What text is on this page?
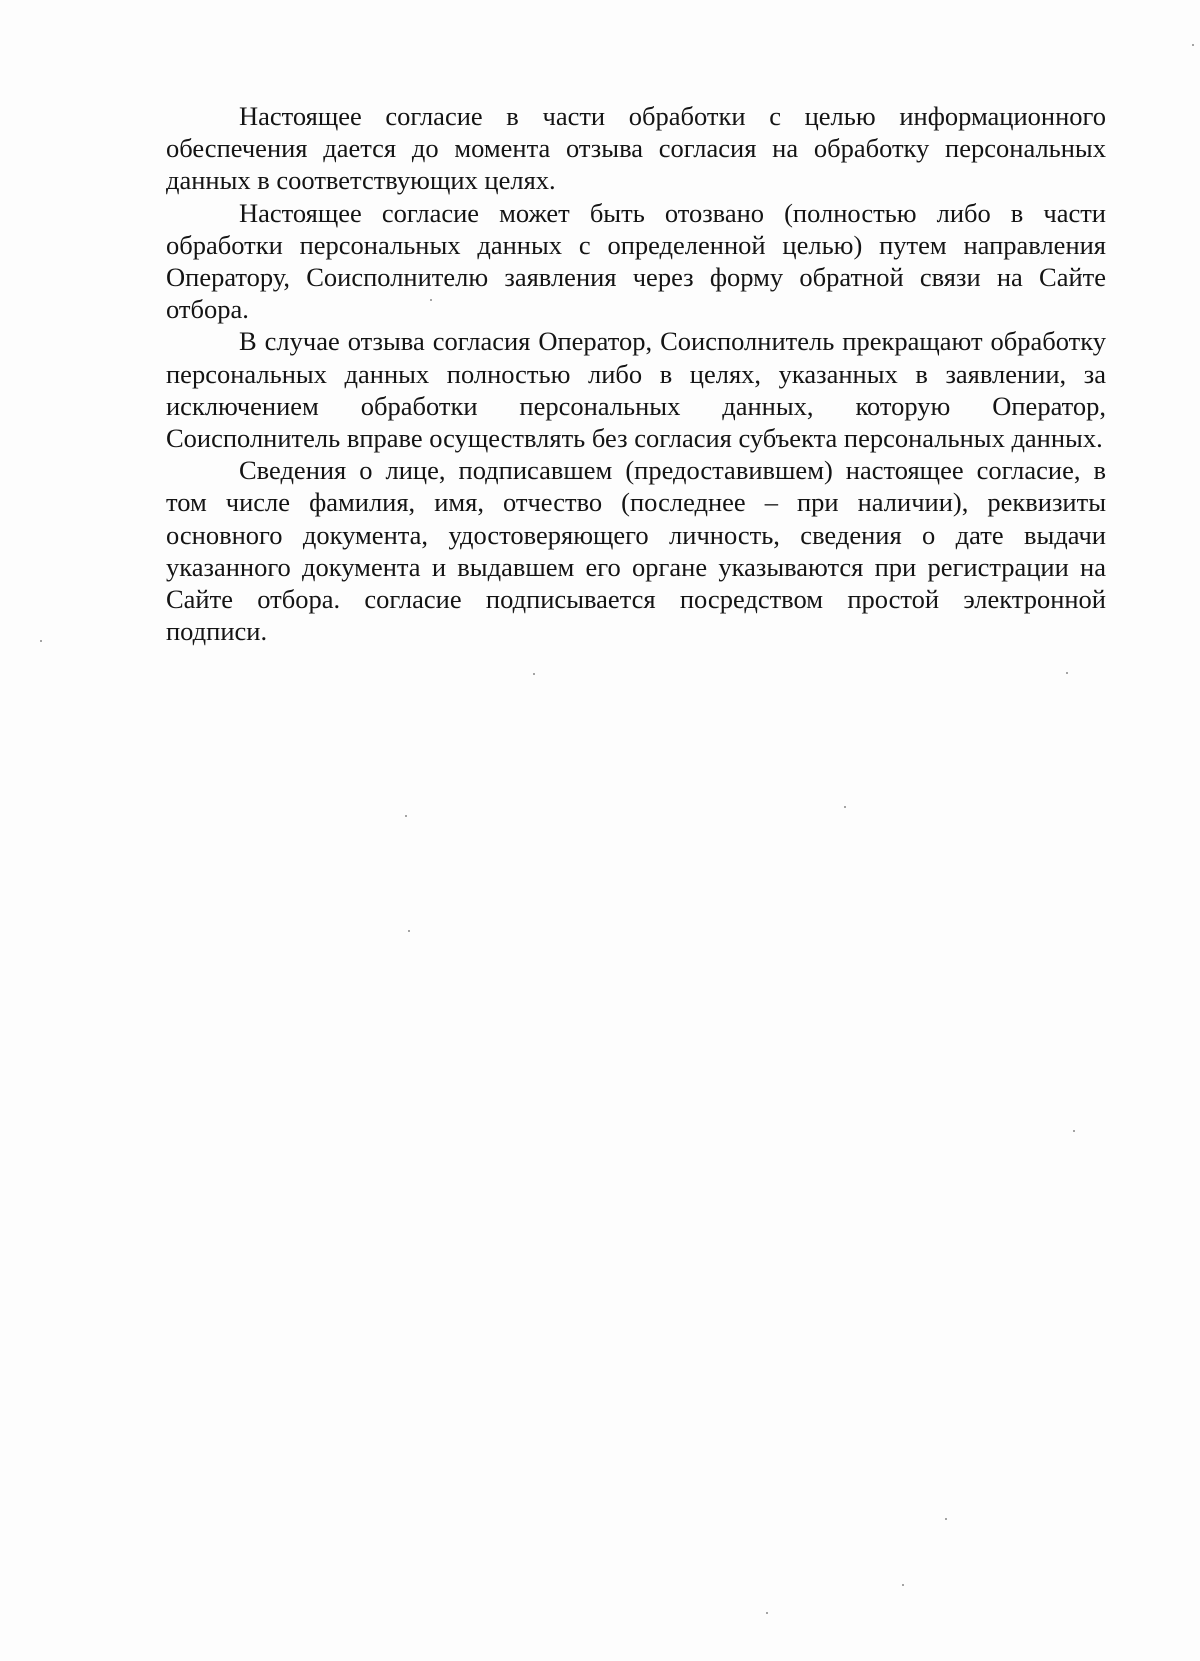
Настоящее согласие в части обработки с целью информационного обеспечения дается до момента отзыва согласия на обработку персональных данных в соответствующих целях.

Настоящее согласие может быть отозвано (полностью либо в части обработки персональных данных с определенной целью) путем направления Оператору, Соисполнителю заявления через форму обратной связи на Сайте отбора.

В случае отзыва согласия Оператор, Соисполнитель прекращают обработку персональных данных полностью либо в целях, указанных в заявлении, за исключением обработки персональных данных, которую Оператор, Соисполнитель вправе осуществлять без согласия субъекта персональных данных.

Сведения о лице, подписавшем (предоставившем) настоящее согласие, в том числе фамилия, имя, отчество (последнее – при наличии), реквизиты основного документа, удостоверяющего личность, сведения о дате выдачи указанного документа и выдавшем его органе указываются при регистрации на Сайте отбора. согласие подписывается посредством простой электронной подписи.
